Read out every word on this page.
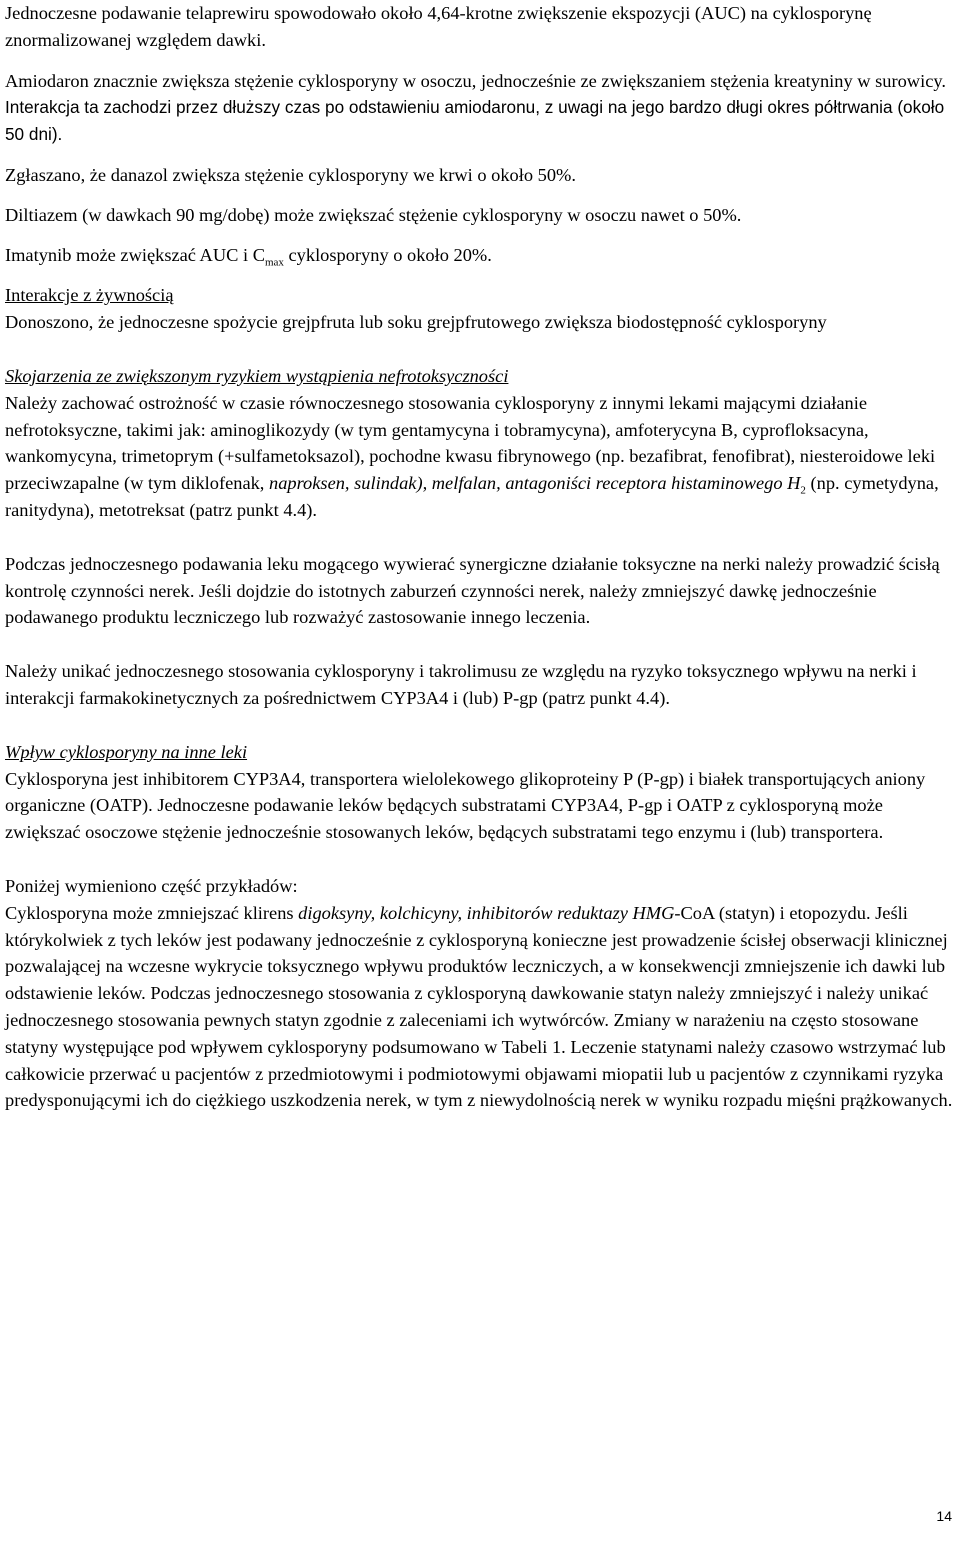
Jednoczesne podawanie telaprewiru spowodowało około 4,64-krotne zwiększenie ekspozycji (AUC) na cyklosporynę znormalizowanej względem dawki.

Amiodaron znacznie zwiększa stężenie cyklosporyny w osoczu, jednocześnie ze zwiększaniem stężenia kreatyniny w surowicy. Interakcja ta zachodzi przez dłuższy czas po odstawieniu amiodaronu, z uwagi na jego bardzo długi okres półtrwania (około 50 dni).

Zgłaszano, że danazol zwiększa stężenie cyklosporyny we krwi o około 50%.

Diltiazem (w dawkach 90 mg/dobę) może zwiększać stężenie cyklosporyny w osoczu nawet o 50%.

Imatynib może zwiększać AUC i $C_{max}$ cyklosporyny o około 20%.

Interakcje z żywnością

Donoszono, że jednoczesne spożycie grejpfruta lub soku grejpfrutowego zwiększa biodostępność cyklosporyny

Skojarzenia ze zwiększonym ryzykiem wystąpienia nefrotoksyczności

Należy zachować ostrożność w czasie równoczesnego stosowania cyklosporyny z innymi lekami mającymi działanie nefrotoksyczne, takimi jak: aminoglikozydy (w tym gentamycyna i tobramycyna), amfoterycyna B, cyprofloksacyna, wankomycyna, trimetoprym (+sulfametoksazol), pochodne kwasu fibrynowego (np. bezafibrat, fenofibrat), niesteroidowe leki przeciwzapalne (w tym diklofenak, naproksen, sulindak), melfalan, antagoniści receptora histaminowego $H_2$ (np. cymetydyna, ranitydyna), metotreksat (patrz punkt 4.4).

Podczas jednoczesnego podawania leku mogącego wywierać synergiczne działanie toksyczne na nerki należy prowadzić ścisłą kontrolę czynności nerek. Jeśli dojdzie do istotnych zaburzeń czynności nerek, należy zmniejszyć dawkę jednocześnie podawanego produktu leczniczego lub rozważyć zastosowanie innego leczenia.

Należy unikać jednoczesnego stosowania cyklosporyny i takrolimusu ze względu na ryzyko toksycznego wpływu na nerki i interakcji farmakokinetycznych za pośrednictwem CYP3A4 i (lub) P-gp (patrz punkt 4.4).

Wpływ cyklosporyny na inne leki

Cyklosporyna jest inhibitorem CYP3A4, transportera wielolekowego glikoproteiny P (P-gp) i białek transportujących aniony organiczne (OATP). Jednoczesne podawanie leków będących substratami CYP3A4, P-gp i OATP z cyklosporyną może zwiększać osoczowe stężenie jednocześnie stosowanych leków, będących substratami tego enzymu i (lub) transportera.

Poniżej wymieniono część przykładów:

Cyklosporyna może zmniejszać klirens digoksyny, kolchicyny, inhibitorów reduktazy HMG-CoA (statyn) i etopozydu. Jeśli którykolwiek z tych leków jest podawany jednocześnie z cyklosporyną konieczne jest prowadzenie ścisłej obserwacji klinicznej pozwalającej na wczesne wykrycie toksycznego wpływu produktów leczniczych, a w konsekwencji zmniejszenie ich dawki lub odstawienie leków. Podczas jednoczesnego stosowania z cyklosporyną dawkowanie statyn należy zmniejszyć i należy unikać jednoczesnego stosowania pewnych statyn zgodnie z zaleceniami ich wytwórców. Zmiany w narażeniu na często stosowane statyny występujące pod wpływem cyklosporyny podsumowano w Tabeli 1. Leczenie statynami należy czasowo wstrzymać lub całkowicie przerwać u pacjentów z przedmiotowymi i podmiotowymi objawami miopatii lub u pacjentów z czynnikami ryzyka predysponującymi ich do ciężkiego uszkodzenia nerek, w tym z niewydolnością nerek w wyniku rozpadu mięśni prążkowanych.

14
